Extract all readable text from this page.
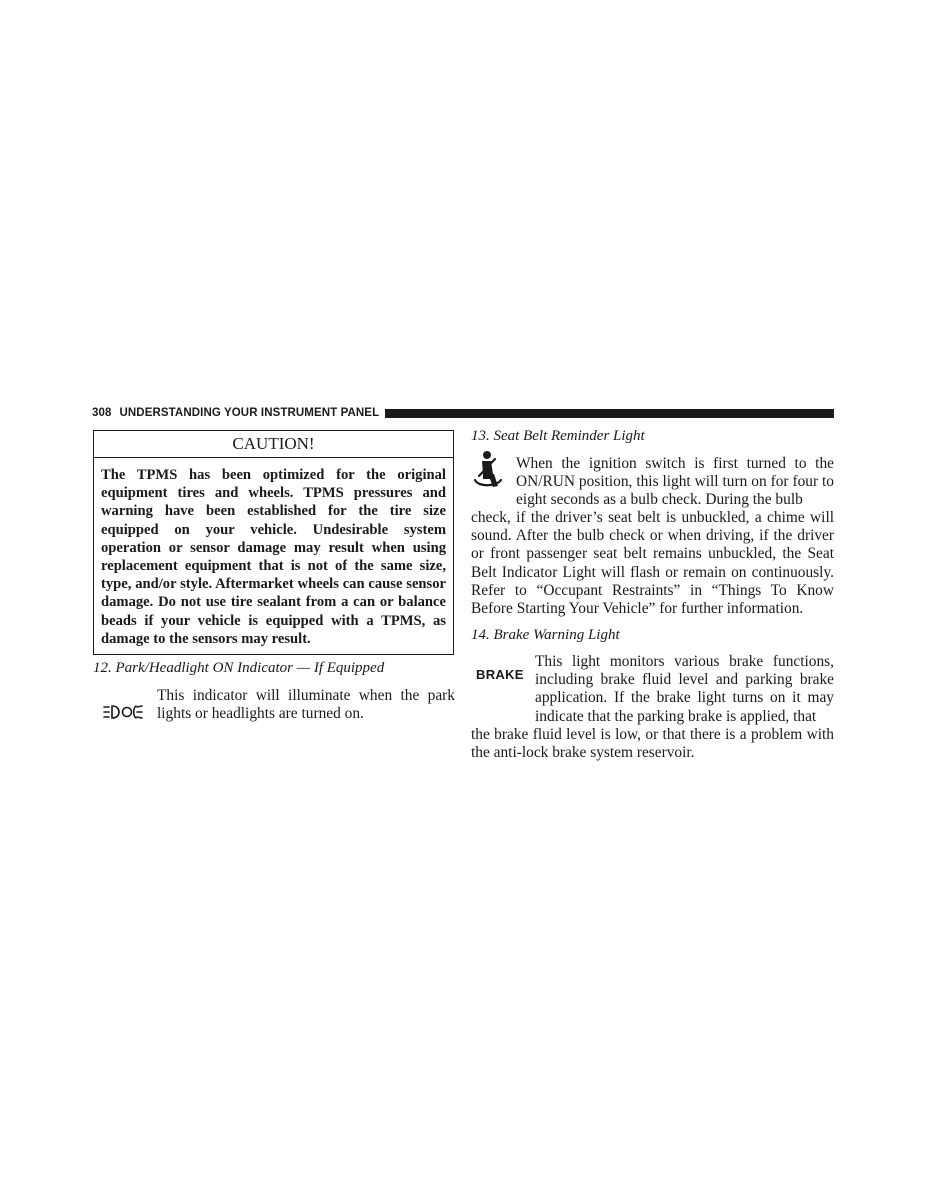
308 UNDERSTANDING YOUR INSTRUMENT PANEL
CAUTION!
The TPMS has been optimized for the original equipment tires and wheels. TPMS pressures and warning have been established for the tire size equipped on your vehicle. Undesirable system operation or sensor damage may result when using replacement equipment that is not of the same size, type, and/or style. Aftermarket wheels can cause sensor damage. Do not use tire sealant from a can or balance beads if your vehicle is equipped with a TPMS, as damage to the sensors may result.
12. Park/Headlight ON Indicator — If Equipped
This indicator will illuminate when the park lights or headlights are turned on.
13. Seat Belt Reminder Light
When the ignition switch is first turned to the ON/RUN position, this light will turn on for four to eight seconds as a bulb check. During the bulb
check, if the driver’s seat belt is unbuckled, a chime will sound. After the bulb check or when driving, if the driver or front passenger seat belt remains unbuckled, the Seat Belt Indicator Light will flash or remain on continuously. Refer to “Occupant Restraints” in “Things To Know Before Starting Your Vehicle” for further information.
14. Brake Warning Light
BRAKE
This light monitors various brake functions, including brake fluid level and parking brake application. If the brake light turns on it may indicate that the parking brake is applied, that
the brake fluid level is low, or that there is a problem with the anti-lock brake system reservoir.
